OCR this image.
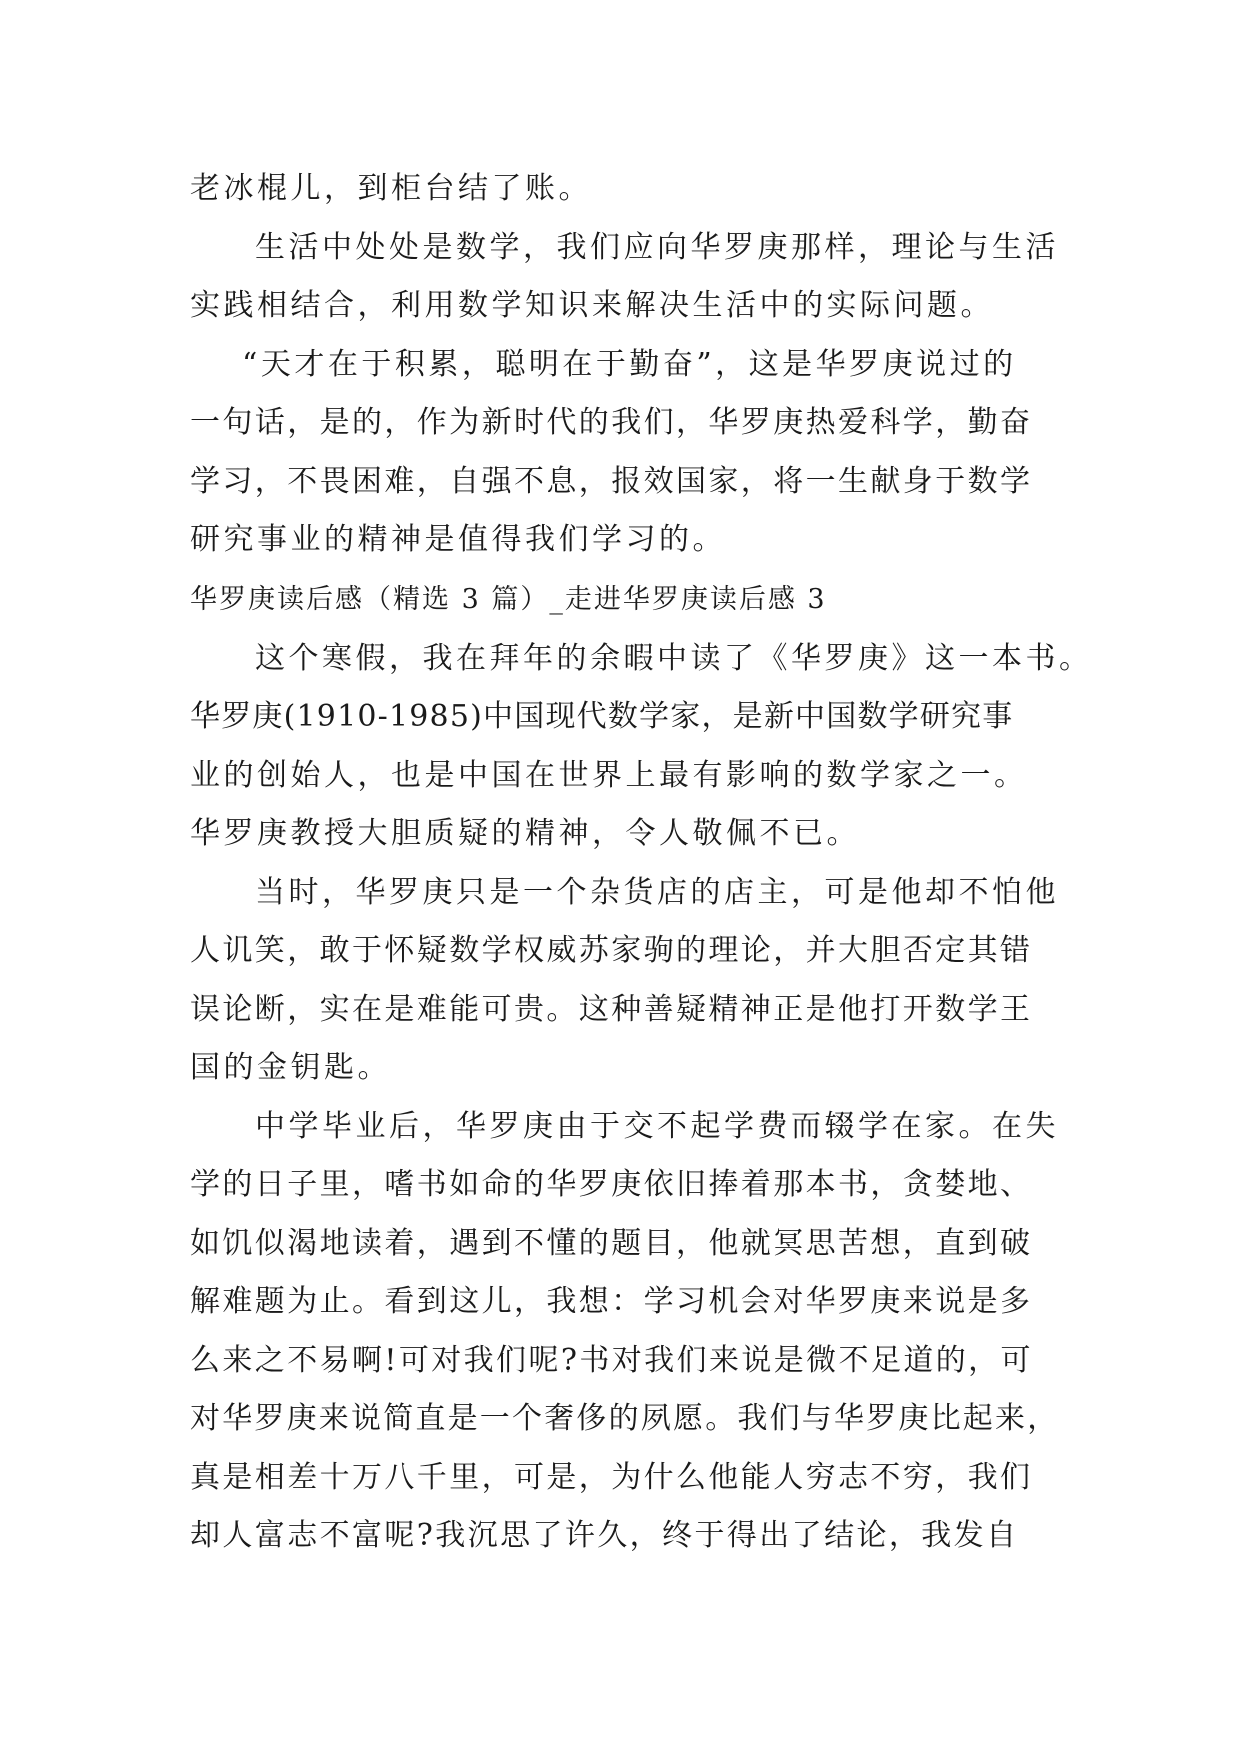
老冰棍儿，到柜台结了账。

生活中处处是数学，我们应向华罗庚那样，理论与生活

实践相结合，利用数学知识来解决生活中的实际问题。

“天才在于积累，聪明在于勤奋”，这是华罗庚说过的

一句话，是的，作为新时代的我们，华罗庚热爱科学，勤奋

学习，不畏困难，自强不息，报效国家，将一生献身于数学

研究事业的精神是值得我们学习的。

华罗庚读后感（精选 3 篇）_走进华罗庚读后感 3

这个寒假，我在拜年的余暇中读了《华罗庚》这一本书。

华罗庚(1910-1985)中国现代数学家，是新中国数学研究事

业的创始人，也是中国在世界上最有影响的数学家之一。

华罗庚教授大胆质疑的精神，令人敬佩不已。

当时，华罗庚只是一个杂货店的店主，可是他却不怕他

人讥笑，敢于怀疑数学权威苏家驹的理论，并大胆否定其错

误论断，实在是难能可贵。这种善疑精神正是他打开数学王

国的金钥匙。

中学毕业后，华罗庚由于交不起学费而辍学在家。在失

学的日子里，嗜书如命的华罗庚依旧捧着那本书，贪婪地、

如饥似渴地读着，遇到不懂的题目，他就冥思苦想，直到破

解难题为止。看到这儿，我想：学习机会对华罗庚来说是多

么来之不易啊!可对我们呢?书对我们来说是微不足道的，可

对华罗庚来说简直是一个奢侈的夙愿。我们与华罗庚比起来，

真是相差十万八千里，可是，为什么他能人穷志不穷，我们

却人富志不富呢?我沉思了许久，终于得出了结论，我发自
